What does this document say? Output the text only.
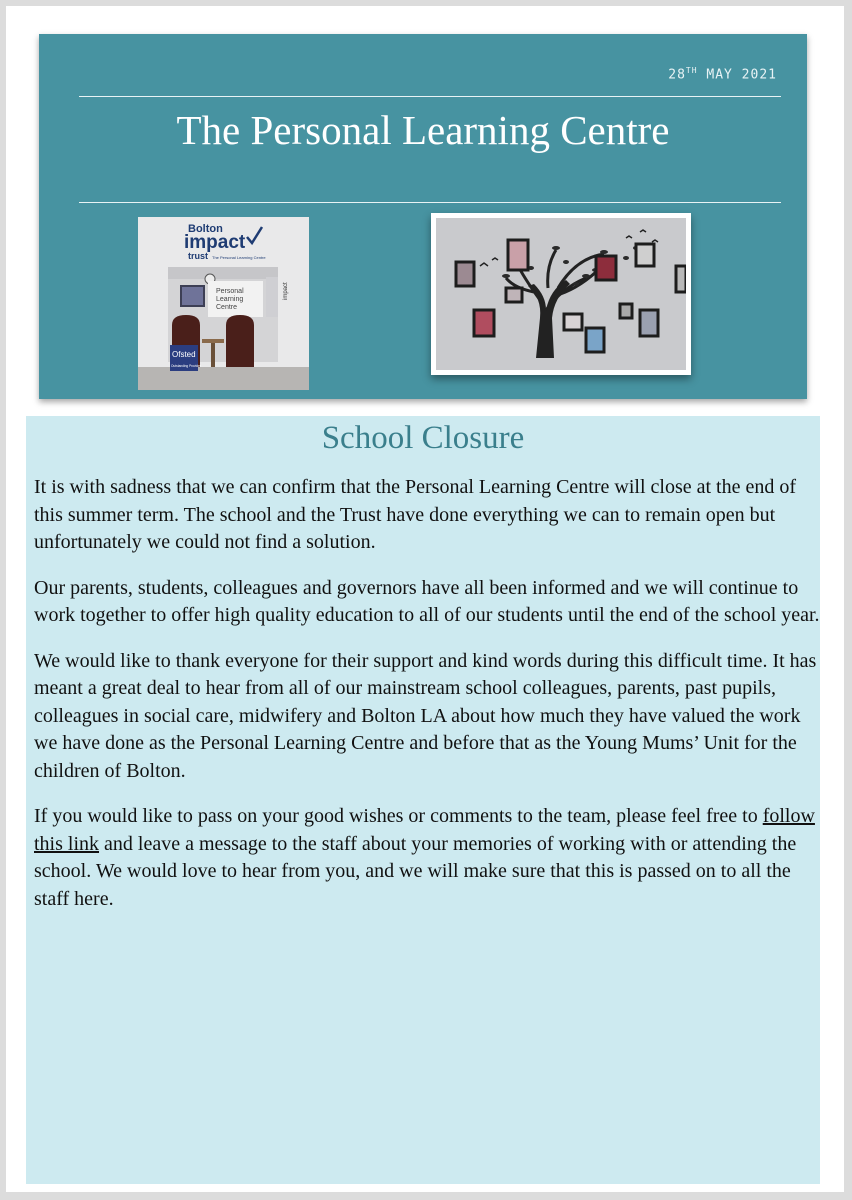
28TH MAY 2021
The Personal Learning Centre
Bolton
impact
trust The Personal Learning Centre
Personal
Learning
Centre
impact
Ofsted
Outstanding Provider
School Closure

It is with sadness that we can confirm that the Personal Learning Centre will close at the end of this summer term. The school and the Trust have done everything we can to remain open but unfortunately we could not find a solution.

Our parents, students, colleagues and governors have all been informed and we will continue to work together to offer high quality education to all of our students until the end of the school year.

We would like to thank everyone for their support and kind words during this difficult time. It has meant a great deal to hear from all of our mainstream school colleagues, parents, past pupils, colleagues in social care, midwifery and Bolton LA about how much they have valued the work we have done as the Personal Learning Centre and before that as the Young Mums’ Unit for the children of Bolton.

If you would like to pass on your good wishes or comments to the team, please feel free to follow this link and leave a message to the staff about your memories of working with or attending the school. We would love to hear from you, and we will make sure that this is passed on to all the staff here.
